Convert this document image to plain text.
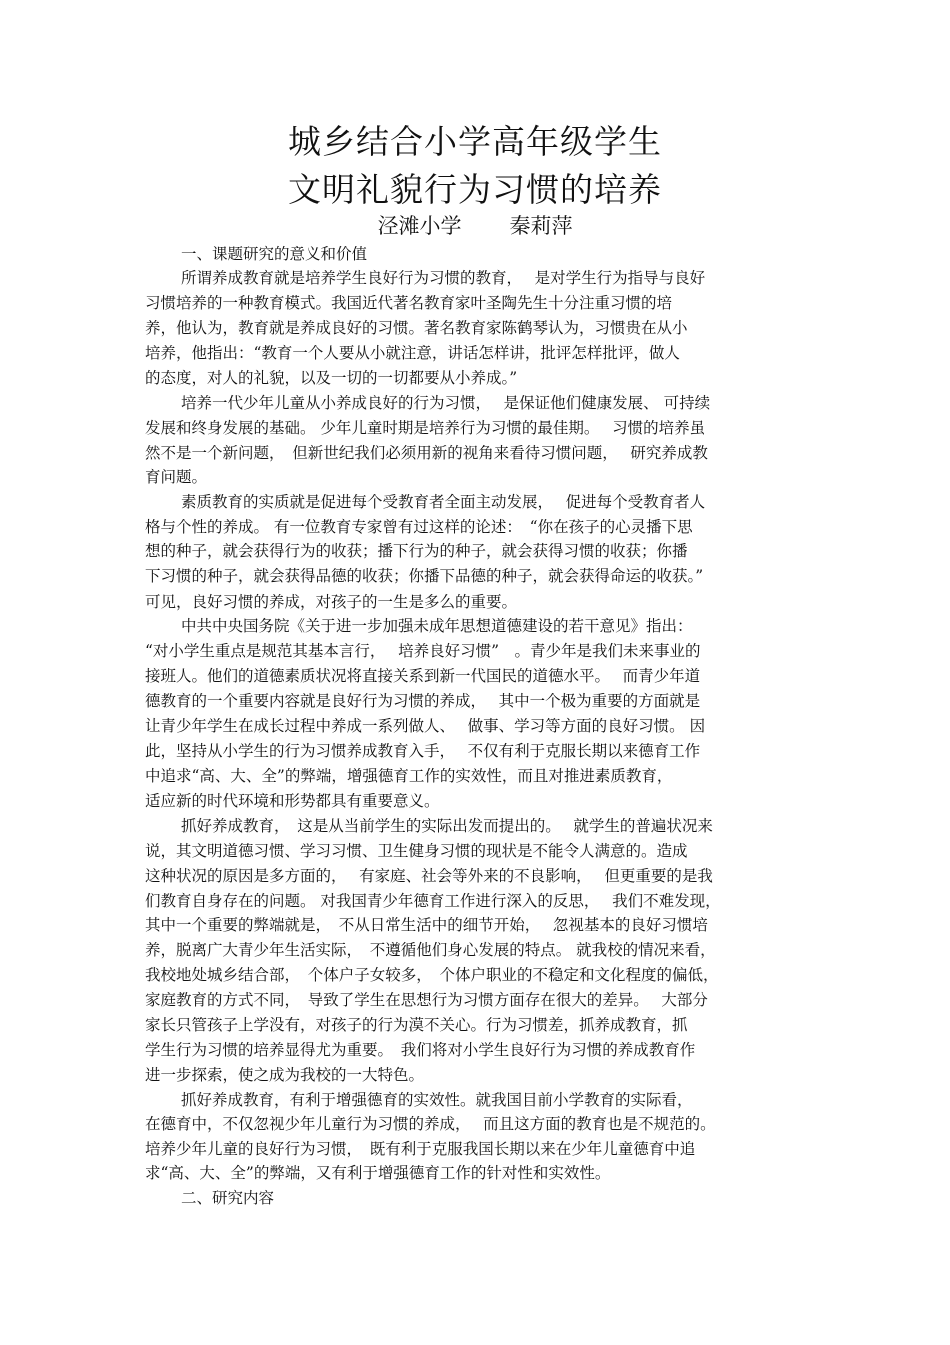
城乡结合小学高年级学生
文明礼貌行为习惯的培养
泾滩小学 秦莉萍
一、课题研究的意义和价值
所谓养成教育就是培养学生良好行为习惯的教育，　 是对学生行为指导与良好
习惯培养的一种教育模式。我国近代著名教育家叶圣陶先生十分注重习惯的培
养，他认为，教育就是养成良好的习惯。著名教育家陈鹤琴认为，习惯贵在从小
培养，他指出：“教育一个人要从小就注意，讲话怎样讲，批评怎样批评，做人
的态度，对人的礼貌，以及一切的一切都要从小养成。”
培养一代少年儿童从小养成良好的行为习惯，　 是保证他们健康发展、 可持续
发展和终身发展的基础。 少年儿童时期是培养行为习惯的最佳期。　 习惯的培养虽
然不是一个新问题，　但新世纪我们必须用新的视角来看待习惯问题，　 研究养成教
育问题。
素质教育的实质就是促进每个受教育者全面主动发展，　 促进每个受教育者人
格与个性的养成。 有一位教育专家曾有过这样的论述：　“你在孩子的心灵播下思
想的种子，就会获得行为的收获；播下行为的种子，就会获得习惯的收获；你播
下习惯的种子，就会获得品德的收获；你播下品德的种子，就会获得命运的收获。”
可见，良好习惯的养成，对孩子的一生是多么的重要。
中共中央国务院《关于进一步加强未成年思想道德建设的若干意见》指出：
“对小学生重点是规范其基本言行，　 培养良好习惯”　。青少年是我们未来事业的
接班人。他们的道德素质状况将直接关系到新一代国民的道德水平。　 而青少年道
德教育的一个重要内容就是良好行为习惯的养成，　 其中一个极为重要的方面就是
让青少年学生在成长过程中养成一系列做人、　 做事、学习等方面的良好习惯。 因
此，坚持从小学生的行为习惯养成教育入手，　 不仅有利于克服长期以来德育工作
中追求“高、大、全”的弊端，增强德育工作的实效性，而且对推进素质教育，
适应新的时代环境和形势都具有重要意义。
抓好养成教育，　这是从当前学生的实际出发而提出的。　 就学生的普遍状况来
说，其文明道德习惯、学习习惯、卫生健身习惯的现状是不能令人满意的。造成
这种状况的原因是多方面的，　 有家庭、社会等外来的不良影响，　 但更重要的是我
们教育自身存在的问题。 对我国青少年德育工作进行深入的反思，　 我们不难发现，
其中一个重要的弊端就是，　不从日常生活中的细节开始，　 忽视基本的良好习惯培
养，脱离广大青少年生活实际，　不遵循他们身心发展的特点。 就我校的情况来看，
我校地处城乡结合部，　个体户子女较多，　个体户职业的不稳定和文化程度的偏低，
家庭教育的方式不同，　导致了学生在思想行为习惯方面存在很大的差异。　 大部分
家长只管孩子上学没有，对孩子的行为漠不关心。行为习惯差，抓养成教育，抓
学生行为习惯的培养显得尤为重要。　我们将对小学生良好行为习惯的养成教育作
进一步探索，使之成为我校的一大特色。
抓好养成教育，有利于增强德育的实效性。就我国目前小学教育的实际看，
在德育中，不仅忽视少年儿童行为习惯的养成，　 而且这方面的教育也是不规范的。
培养少年儿童的良好行为习惯，　既有利于克服我国长期以来在少年儿童德育中追
求“高、大、全”的弊端，又有利于增强德育工作的针对性和实效性。
二、研究内容
